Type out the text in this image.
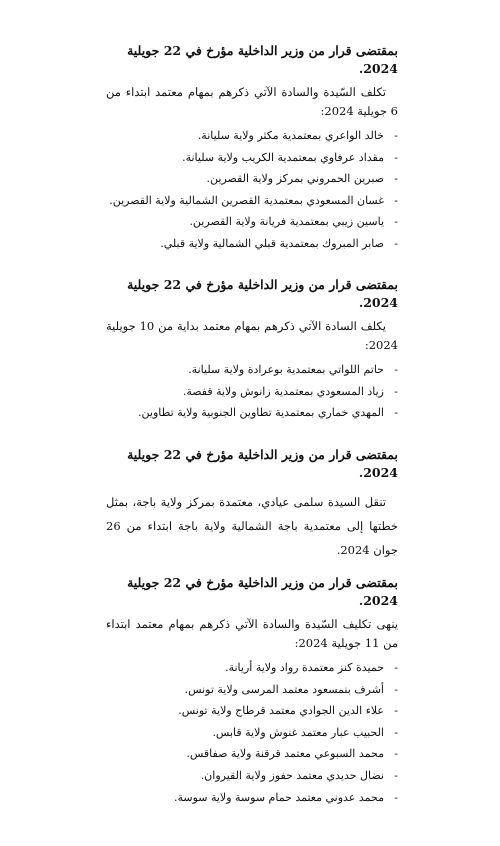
بمقتضى قرار من وزير الداخلية مؤرخ في 22 جويلية
2024.

تكلف السّيدة والسادة الآتي ذكرهم بمهام معتمد ابتداء من 6 جويلية 2024:

-
خالد الواعري بمعتمدية مكثر ولاية سليانة.
-
مقداد عرفاوي بمعتمدية الكريب ولاية سليانة.
-
صبرين الحمروني بمركز ولاية القصرين.
-
غسان المسعودي بمعتمدية القصرين الشمالية ولاية القصرين.
-
ياسين زيبي بمعتمدية فريانة ولاية القصرين.
-
صابر المبروك بمعتمدية قبلي الشمالية ولاية قبلي.
بمقتضى قرار من وزير الداخلية مؤرخ في 22 جويلية
2024.

يكلف السادة الآتي ذكرهم بمهام معتمد بداية من 10 جويلية 2024:

-
حاتم اللواتي بمعتمدية بوعرادة ولاية سليانة.
-
زياد المسعودي بمعتمدية زانوش ولاية قفصة.
-
المهدي خماري بمعتمدية تطاوين الجنوبية ولاية تطاوين.
بمقتضى قرار من وزير الداخلية مؤرخ في 22 جويلية
2024.

تنقل السيدة سلمى عيادي، معتمدة بمركز ولاية باجة، بمثل خطتها إلى معتمدية باجة الشمالية ولاية باجة ابتداء من 26 جوان 2024.

بمقتضى قرار من وزير الداخلية مؤرخ في 22 جويلية
2024.

ينهى تكليف السّيدة والسادة الآتي ذكرهم بمهام معتمد ابتداء من 11 جويلية 2024:

-
حميدة كنز معتمدة رواد ولاية أريانة.
-
أشرف بنمسعود معتمد المرسى ولاية تونس.
-
علاء الدين الجوادي معتمد قرطاج ولاية تونس.
-
الحبيب عبار معتمد غنوش ولاية قابس.
-
محمد السبوعي معتمد قرقنة ولاية صفاقس.
-
نضال حديدي معتمد حفوز ولاية القيروان.
-
محمد عدوني معتمد حمام سوسة ولاية سوسة.
